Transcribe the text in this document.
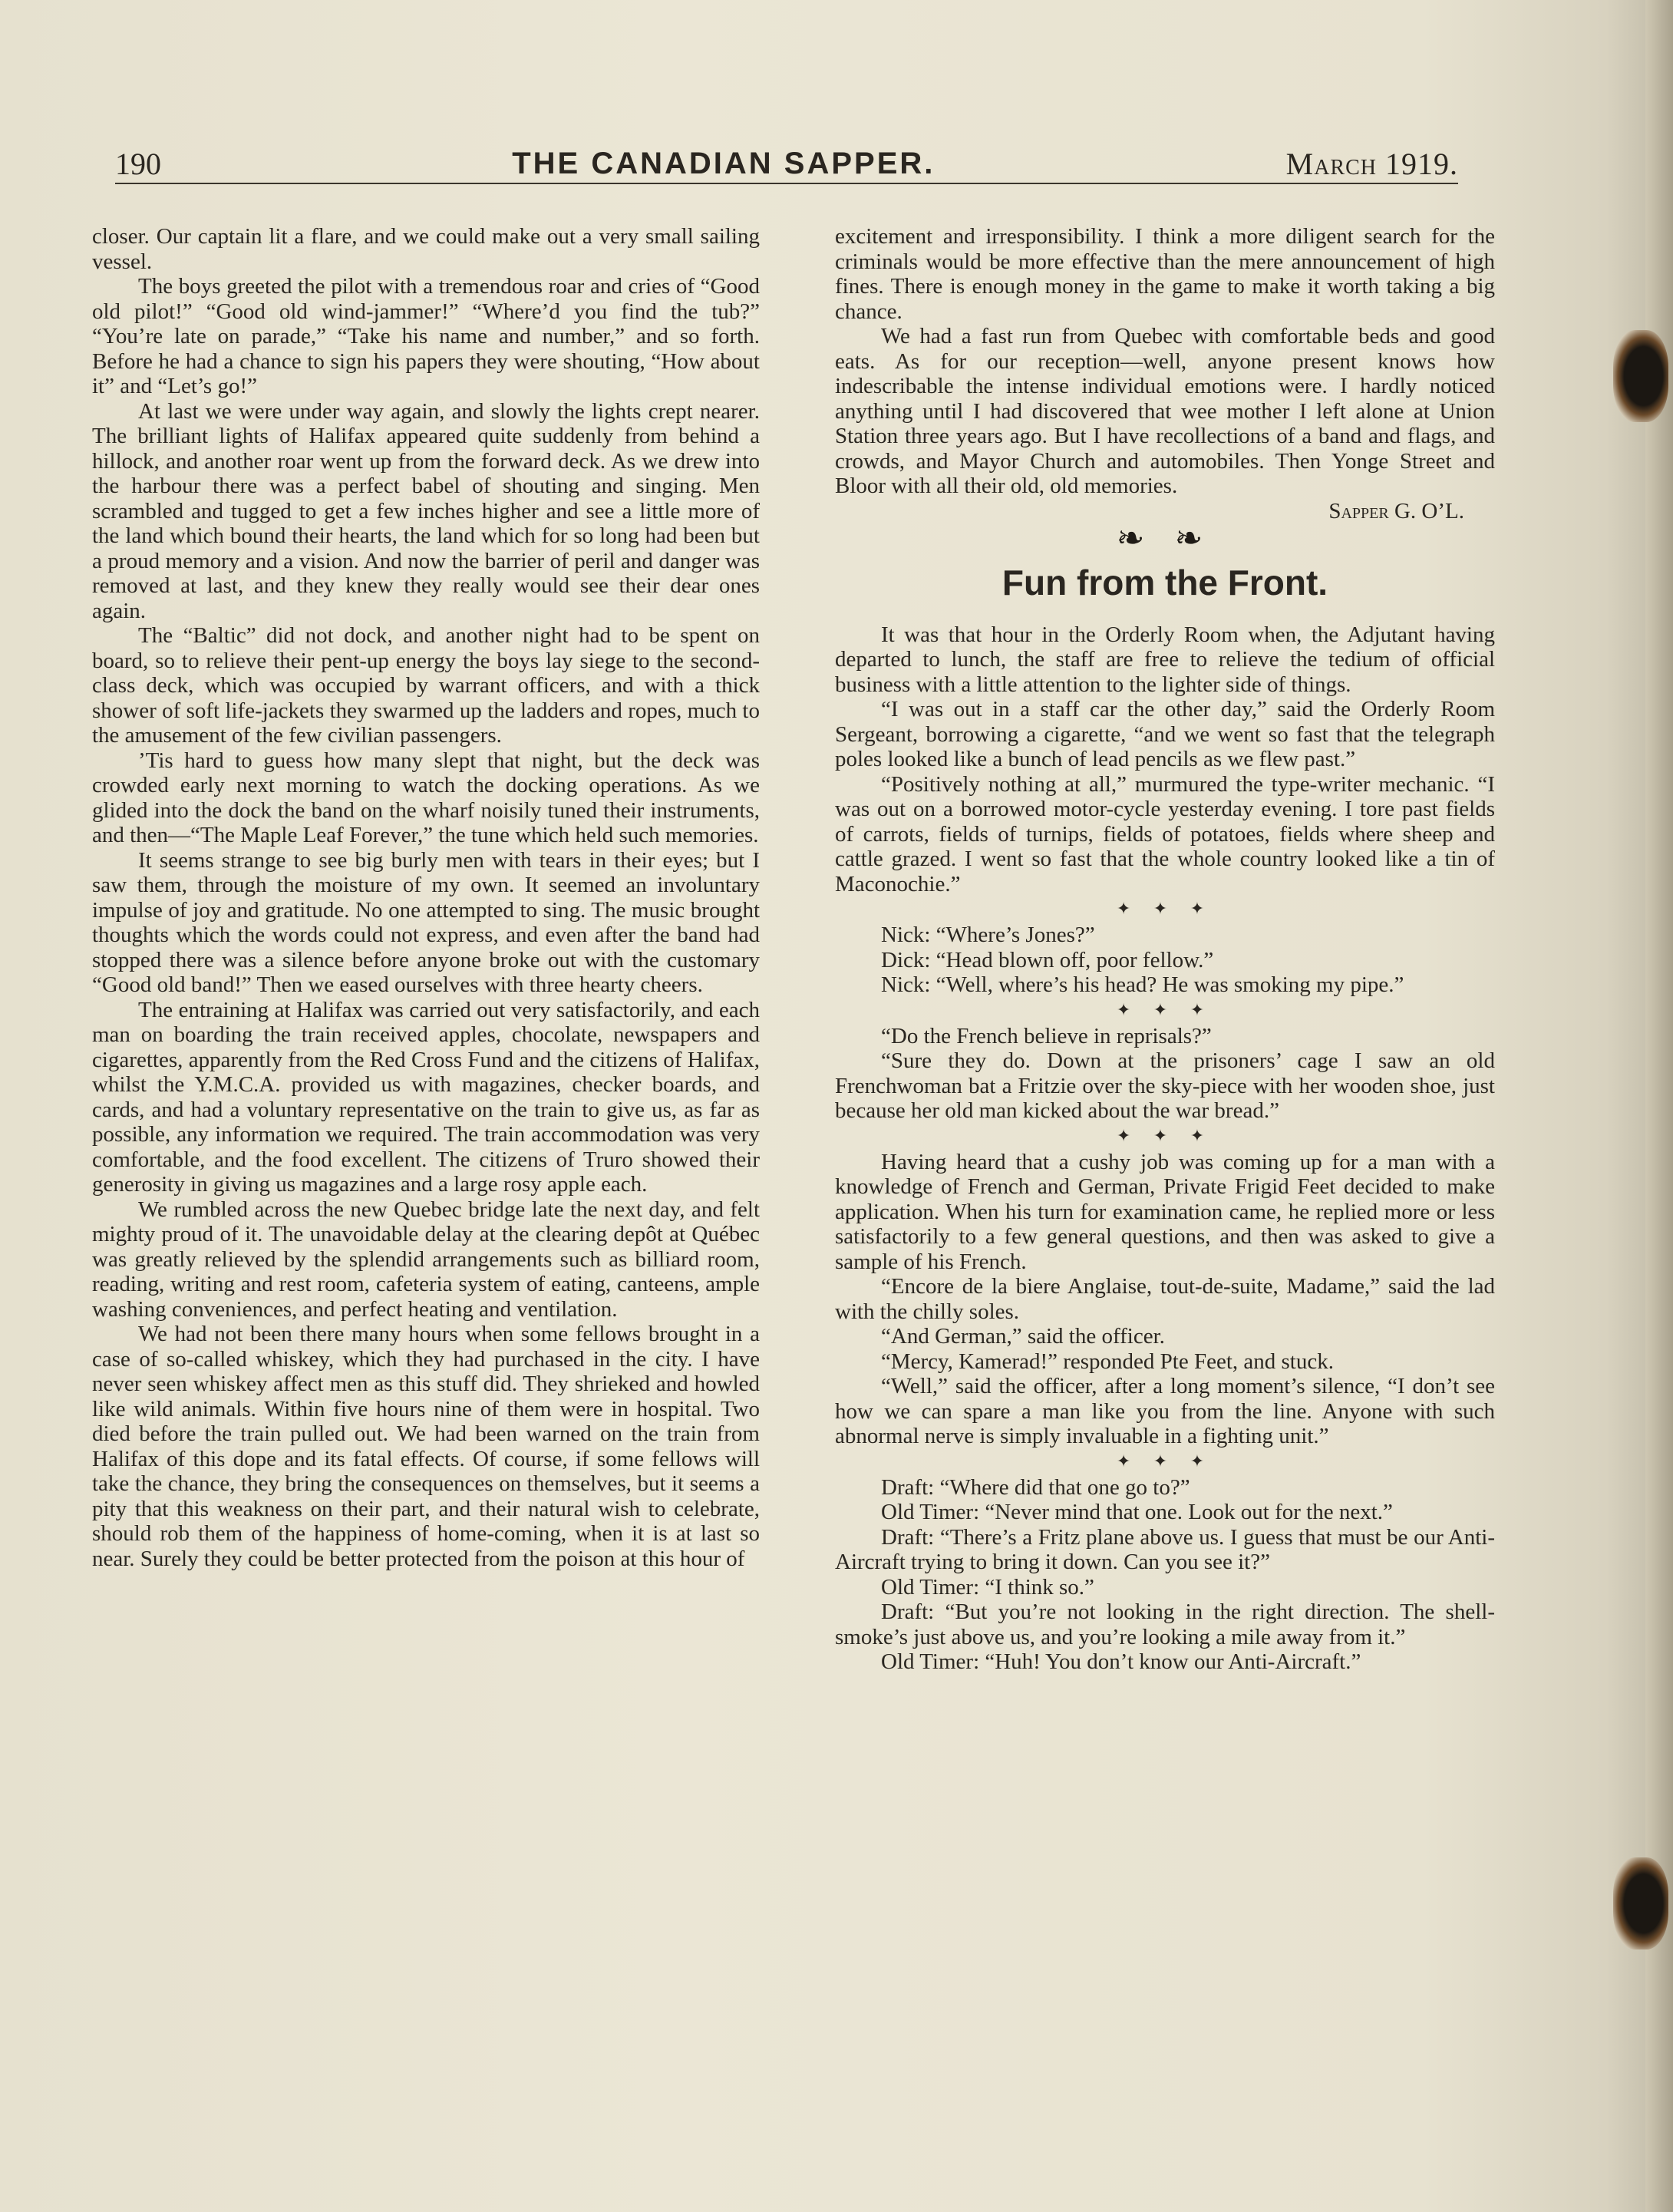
190	THE CANADIAN SAPPER.	March 1919.

closer. Our captain lit a flare, and we could make out a very small sailing vessel.

The boys greeted the pilot with a tremendous roar and cries of “Good old pilot!” “Good old wind-jammer!” “Where’d you find the tub?” “You’re late on parade,” “Take his name and number,” and so forth. Before he had a chance to sign his papers they were shouting, “How about it” and “Let’s go!”

At last we were under way again, and slowly the lights crept nearer. The brilliant lights of Halifax appeared quite suddenly from behind a hillock, and another roar went up from the forward deck. As we drew into the harbour there was a perfect babel of shouting and singing. Men scrambled and tugged to get a few inches higher and see a little more of the land which bound their hearts, the land which for so long had been but a proud memory and a vision. And now the barrier of peril and danger was removed at last, and they knew they really would see their dear ones again.

The “Baltic” did not dock, and another night had to be spent on board, so to relieve their pent-up energy the boys lay siege to the second-class deck, which was occupied by warrant officers, and with a thick shower of soft life-jackets they swarmed up the ladders and ropes, much to the amusement of the few civilian passengers.

’Tis hard to guess how many slept that night, but the deck was crowded early next morning to watch the docking operations. As we glided into the dock the band on the wharf noisily tuned their instruments, and then—“The Maple Leaf Forever,” the tune which held such memories.

It seems strange to see big burly men with tears in their eyes; but I saw them, through the moisture of my own. It seemed an involuntary impulse of joy and gratitude. No one attempted to sing. The music brought thoughts which the words could not express, and even after the band had stopped there was a silence before anyone broke out with the customary “Good old band!” Then we eased ourselves with three hearty cheers.

The entraining at Halifax was carried out very satisfactorily, and each man on boarding the train received apples, chocolate, newspapers and cigarettes, apparently from the Red Cross Fund and the citizens of Halifax, whilst the Y.M.C.A. provided us with magazines, checker boards, and cards, and had a voluntary representative on the train to give us, as far as possible, any information we required. The train accommodation was very comfortable, and the food excellent. The citizens of Truro showed their generosity in giving us magazines and a large rosy apple each.

We rumbled across the new Quebec bridge late the next day, and felt mighty proud of it. The unavoidable delay at the clearing depôt at Québec was greatly relieved by the splendid arrangements such as billiard room, reading, writing and rest room, cafeteria system of eating, canteens, ample washing conveniences, and perfect heating and ventilation.

We had not been there many hours when some fellows brought in a case of so-called whiskey, which they had purchased in the city. I have never seen whiskey affect men as this stuff did. They shrieked and howled like wild animals. Within five hours nine of them were in hospital. Two died before the train pulled out. We had been warned on the train from Halifax of this dope and its fatal effects. Of course, if some fellows will take the chance, they bring the consequences on themselves, but it seems a pity that this weakness on their part, and their natural wish to celebrate, should rob them of the happiness of home-coming, when it is at last so near. Surely they could be better protected from the poison at this hour of

excitement and irresponsibility. I think a more diligent search for the criminals would be more effective than the mere announcement of high fines. There is enough money in the game to make it worth taking a big chance.

We had a fast run from Quebec with comfortable beds and good eats. As for our reception—well, anyone present knows how indescribable the intense individual emotions were. I hardly noticed anything until I had discovered that wee mother I left alone at Union Station three years ago. But I have recollections of a band and flags, and crowds, and Mayor Church and automobiles. Then Yonge Street and Bloor with all their old, old memories.

Sapper G. O’L.

❧ ❧
Fun from the Front.

It was that hour in the Orderly Room when, the Adjutant having departed to lunch, the staff are free to relieve the tedium of official business with a little attention to the lighter side of things.

“I was out in a staff car the other day,” said the Orderly Room Sergeant, borrowing a cigarette, “and we went so fast that the telegraph poles looked like a bunch of lead pencils as we flew past.”

“Positively nothing at all,” murmured the type-writer mechanic. “I was out on a borrowed motor-cycle yesterday evening. I tore past fields of carrots, fields of turnips, fields of potatoes, fields where sheep and cattle grazed. I went so fast that the whole country looked like a tin of Maconochie.”

✦ ✦ ✦

Nick: “Where’s Jones?”

Dick: “Head blown off, poor fellow.”

Nick: “Well, where’s his head? He was smoking my pipe.”

✦ ✦ ✦

“Do the French believe in reprisals?”

“Sure they do. Down at the prisoners’ cage I saw an old Frenchwoman bat a Fritzie over the sky-piece with her wooden shoe, just because her old man kicked about the war bread.”

✦ ✦ ✦

Having heard that a cushy job was coming up for a man with a knowledge of French and German, Private Frigid Feet decided to make application. When his turn for examination came, he replied more or less satisfactorily to a few general questions, and then was asked to give a sample of his French.

“Encore de la biere Anglaise, tout-de-suite, Madame,” said the lad with the chilly soles.

“And German,” said the officer.

“Mercy, Kamerad!” responded Pte Feet, and stuck.

“Well,” said the officer, after a long moment’s silence, “I don’t see how we can spare a man like you from the line. Anyone with such abnormal nerve is simply invaluable in a fighting unit.”

✦ ✦ ✦

Draft: “Where did that one go to?”

Old Timer: “Never mind that one. Look out for the next.”

Draft: “There’s a Fritz plane above us. I guess that must be our Anti-Aircraft trying to bring it down. Can you see it?”

Old Timer: “I think so.”

Draft: “But you’re not looking in the right direction. The shell-smoke’s just above us, and you’re looking a mile away from it.”

Old Timer: “Huh! You don’t know our Anti-Aircraft.”
